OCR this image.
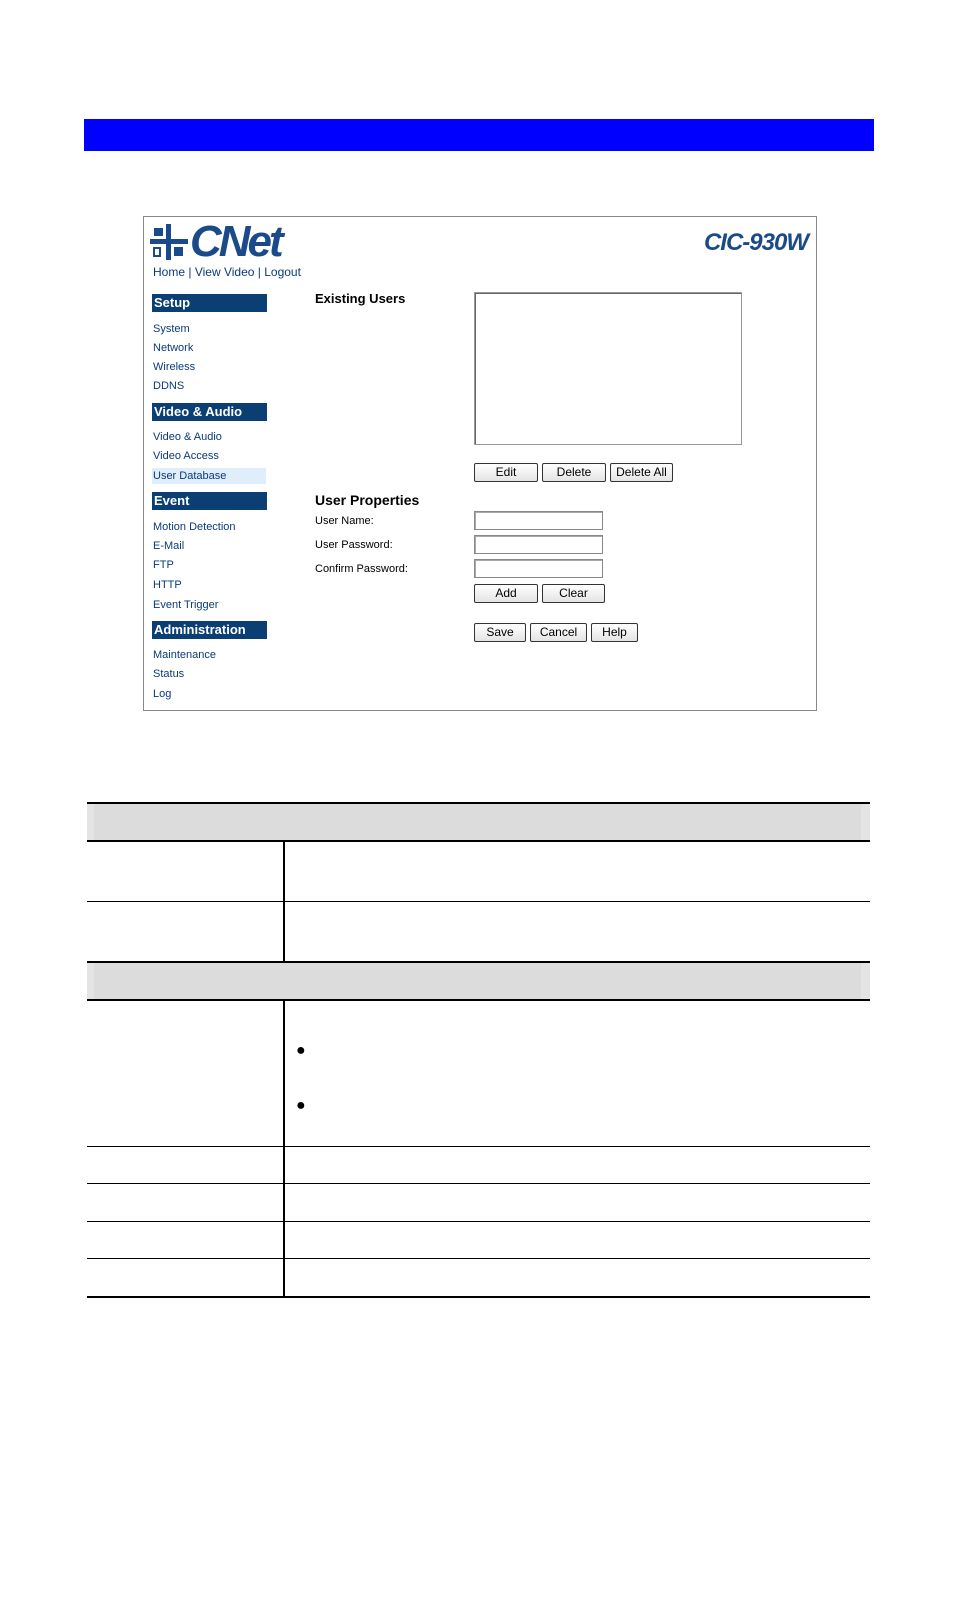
CNet	CIC-930W
Home | View Video | Logout
Setup
System
Network
Wireless
DDNS
Video & Audio
Video & Audio
Video Access
User Database
Event
Motion Detection
E-Mail
FTP
HTTP
Event Trigger
Administration
Maintenance
Status
Log
Existing Users
Edit	Delete	Delete All
User Properties
User Name:
User Password:
Confirm Password:
Add	Clear
Save	Cancel	Help
●
●
